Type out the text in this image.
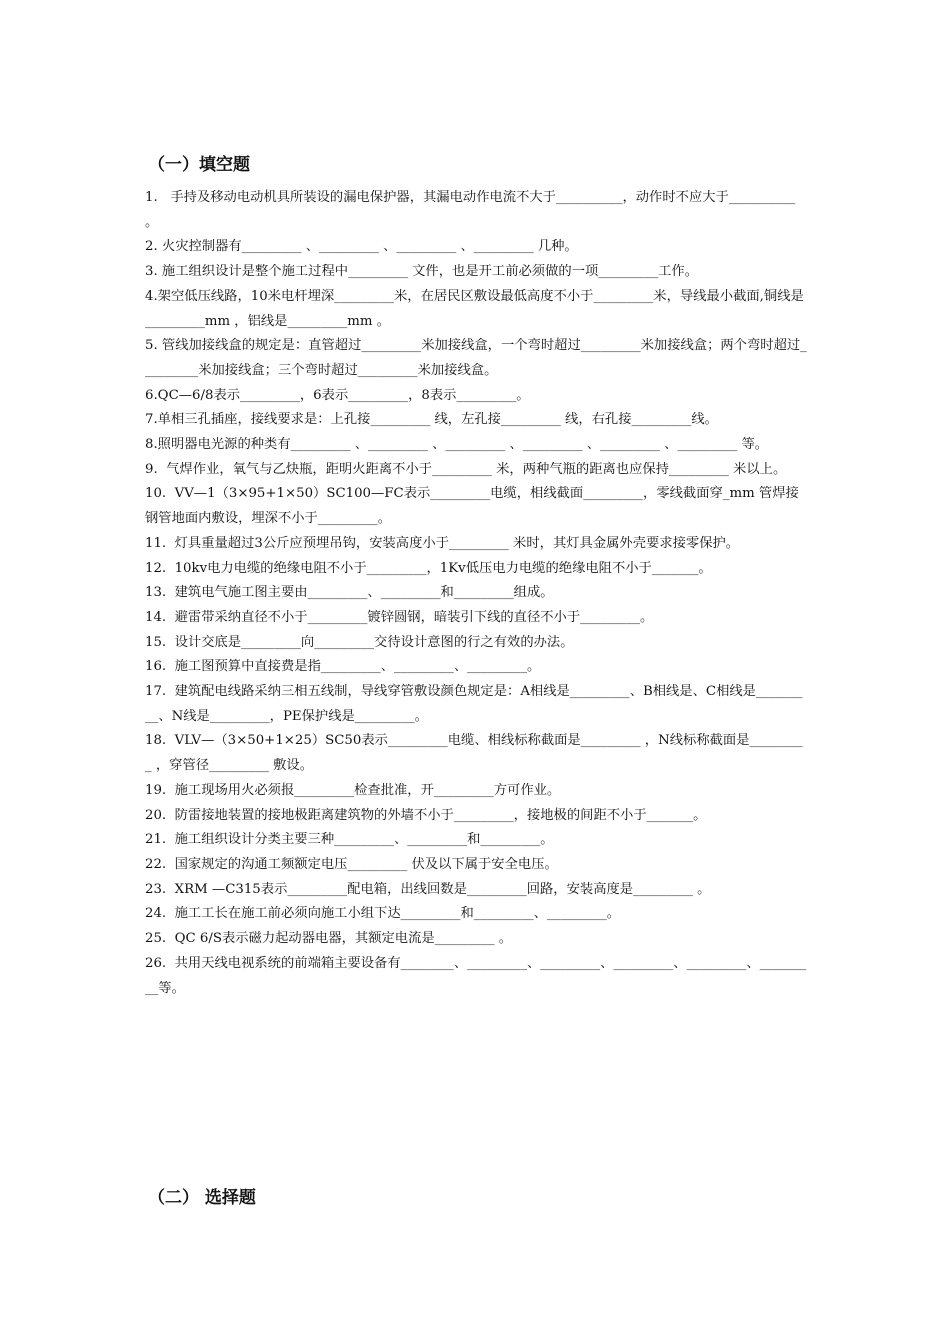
（一）填空题
1.   手持及移动电动机具所装设的漏电保护器，其漏电动作电流不大于__________，动作时不应大于__________ 。
2. 火灾控制器有_________ 、_________ 、_________ 、_________ 几种。
3. 施工组织设计是整个施工过程中_________ 文件，也是开工前必须做的一项_________工作。
4.架空低压线路，10米电杆埋深_________米，在居民区敷设最低高度不小于_________米，导线最小截面,铜线是_________mm ，铝线是_________mm 。
5. 管线加接线盒的规定是：直管超过_________米加接线盒，一个弯时超过_________米加接线盒；两个弯时超过_________米加接线盒；三个弯时超过_________米加接线盒。
6.QC—6/8表示_________，6表示_________，8表示_________。
7.单相三孔插座，接线要求是：上孔接_________ 线，左孔接_________ 线，右孔接_________线。
8.照明器电光源的种类有_________ 、_________ 、_________ 、_________ 、_________ 、_________ 等。
9.  气焊作业，氧气与乙炔瓶，距明火距离不小于_________ 米，两种气瓶的距离也应保持_________ 米以上。
10.  VV—1（3×95+1×50）SC100—FC表示_________电缆，相线截面_________，零线截面穿_mm 管焊接钢管地面内敷设，埋深不小于_________。
11.  灯具重量超过3公斤应预埋吊钩，安装高度小于_________ 米时，其灯具金属外壳要求接零保护。
12.  10kv电力电缆的绝缘电阻不小于_________，1Kv低压电力电缆的绝缘电阻不小于_______。
13.  建筑电气施工图主要由_________、_________和_________组成。
14.  避雷带采纳直径不小于_________镀锌圆钢，暗装引下线的直径不小于_________。
15.  设计交底是_________向_________交待设计意图的行之有效的办法。
16.  施工图预算中直接费是指_________、_________、_________。
17.  建筑配电线路采纳三相五线制，导线穿管敷设颜色规定是：A相线是_________、B相线是、C相线是_________、N线是_________，PE保护线是_________。
18.  VLV—（3×50+1×25）SC50表示_________电缆、相线标称截面是_________ ，N线标称截面是_________ ，穿管径_________ 敷设。
19.  施工现场用火必须报_________检查批准，开_________方可作业。
20.  防雷接地装置的接地极距离建筑物的外墙不小于_________，接地极的间距不小于_______。
21.  施工组织设计分类主要三种_________、_________和_________。
22.  国家规定的沟通工频额定电压_________ 伏及以下属于安全电压。
23.  XRM —C315表示_________配电箱，出线回数是_________回路，安装高度是_________ 。
24.  施工工长在施工前必须向施工小组下达_________和_________、_________。
25.  QC 6/S表示磁力起动器电器，其额定电流是_________ 。
26.  共用天线电视系统的前端箱主要设备有________、_________、_________、_________、_________、_________等。
（二） 选择题
